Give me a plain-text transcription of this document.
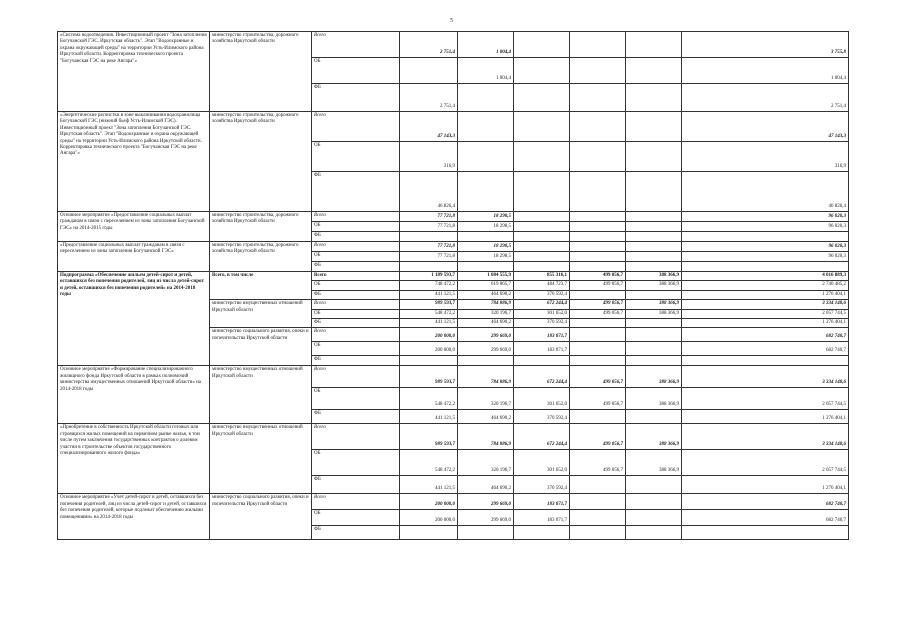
5
«Система водоотведения. Инвестиционный проект "Зона затопления Богучанской ГЭС. Иркутская область". Этап "Водоохранные и охрана окружающей среды" на территории Усть-Илимского района Иркутской области. Корректировка технического проекта "Богучанская ГЭС на реке Ангара"»	министерство строительства, дорожного хозяйства Иркутской области	Всего	2 751,4	1 004,4				3 755,8
		ОБ		1 004,4				1 004,4
		ФБ	2 751,4					2 751,4
«Энергетические расчистки в зоне выклинивания водохранилища Богучанской ГЭС (нижний бьеф Усть-Илимской ГЭС). Инвестиционный проект "Зона затопления Богучанской ГЭС. Иркутская область". Этап "Водоохранные и охрана окружающей среды" на территории Усть-Илимского района Иркутской области. Корректировка технического проекта "Богучанская ГЭС на реке Ангара"»	министерство строительства, дорожного хозяйства Иркутской области	Всего	47 143,3					47 143,3
		ОБ	316,9					316,9
		ФБ	46 826,4					46 826,4
Основное мероприятие «Предоставление социальных выплат гражданам в связи с переселением из зоны затопления Богучанской ГЭС» на 2014-2015 годы	министерство строительства, дорожного хозяйства Иркутской области	Всего	77 721,8	18 298,5				96 020,3
		ОБ	77 721,8	18 298,5				96 020,3
		ФБ						
«Предоставление социальных выплат гражданам в связи с переселением из зоны затопления Богучанской ГЭС»	министерство строительства, дорожного хозяйства Иркутской области	Всего	77 721,8	18 298,5				96 020,3
		ОБ	77 721,8	18 298,5				96 020,3
		ФБ						
Подпрограмма «Обеспечение жильем детей-сирот и детей, оставшихся без попечения родителей, лиц из числа детей-сирот и детей, оставшихся без попечения родителей» на 2014-2018 годы	Всего, в том числе	Всего	1 189 593,7	1 084 555,9	855 316,1	499 056,7	388 366,9	4 016 889,3
		ОБ	748 472,2	619 865,7	484 723,7	499 056,7	388 366,9	2 740 485,2
		ФБ	441 121,5	464 690,2	370 592,4			1 276 404,1
	министерство имущественных отношений Иркутской области	Всего	989 593,7	784 886,9	672 244,4	499 056,7	388 366,9	3 334 148,6
		ОБ	548 472,2	320 196,7	301 652,0	499 056,7	388 366,9	2 057 744,5
		ФБ	441 121,5	464 690,2	370 592,4			1 276 404,1
	министерство социального развития, опеки и попечительства Иркутской области	Всего	200 000,0	299 669,0	183 071,7			682 740,7
		ОБ	200 000,0	299 669,0	183 071,7			682 740,7
		ФБ						
Основное мероприятие «Формирование специализированного жилищного фонда Иркутской области в рамках полномочий министерства имущественных отношений Иркутской области» на 2014-2018 годы	министерство имущественных отношений Иркутской области	Всего	989 593,7	784 886,9	672 244,4	499 056,7	388 366,9	3 334 148,6
		ОБ	548 472,2	320 196,7	301 652,0	499 056,7	388 366,9	2 057 744,5
		ФБ	441 121,5	464 690,2	370 592,4			1 276 404,1
«Приобретение в собственность Иркутской области готовых или строящихся жилых помещений на первичном рынке жилья, в том числе путем заключения государственных контрактов о долевом участии в строительстве объектов государственного специализированного жилого фонда»	министерство имущественных отношений Иркутской области	Всего	989 593,7	784 886,9	672 244,4	499 056,7	388 366,9	3 334 148,6
		ОБ	548 472,2	320 196,7	301 652,0	499 056,7	388 366,9	2 057 744,5
		ФБ	441 121,5	464 690,2	370 592,4			1 276 404,1
Основное мероприятие «Учет детей-сирот и детей, оставшихся без попечения родителей, лиц из числа детей-сирот и детей, оставшихся без попечения родителей, которые подлежат обеспечению жилыми помещениями» на 2014-2018 годы	министерство социального развития, опеки и попечительства Иркутской области	Всего	200 000,0	299 669,0	183 071,7			682 740,7
		ОБ	200 000,0	299 669,0	183 071,7			682 740,7
		ФБ						
